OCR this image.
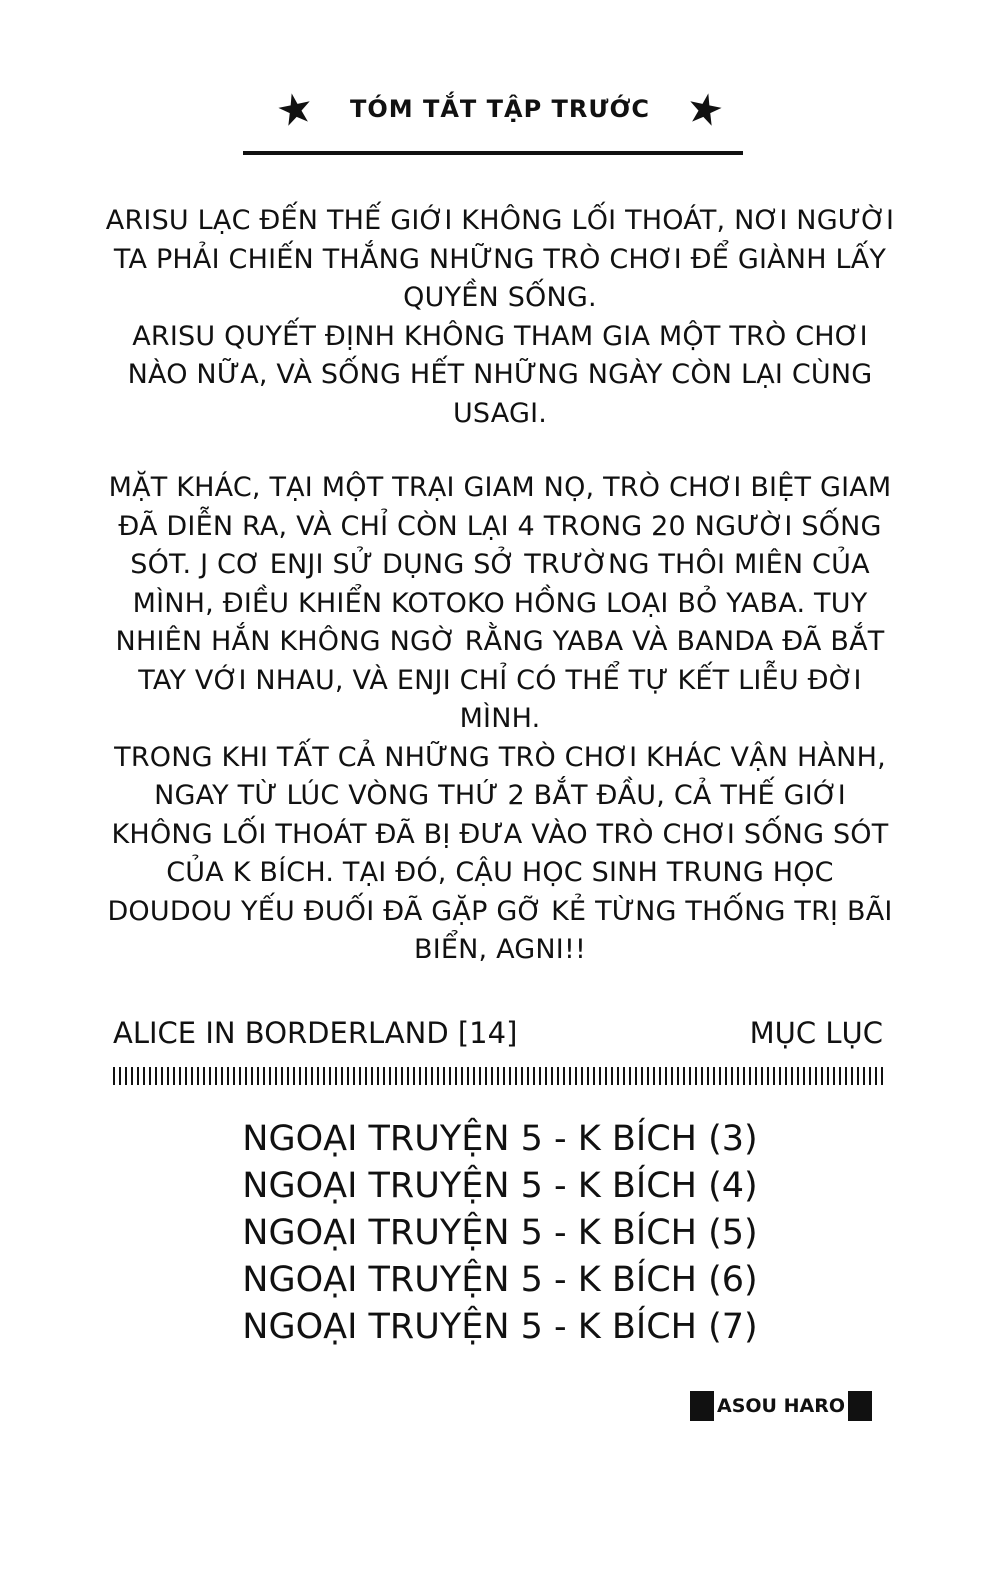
TÓM TẮT TẬP TRƯỚC

ARISU LẠC ĐẾN THẾ GIỚI KHÔNG LỐI THOÁT, NƠI NGƯỜI

TA PHẢI CHIẾN THẮNG NHỮNG TRÒ CHƠI ĐỂ GIÀNH LẤY

QUYỀN SỐNG.

ARISU QUYẾT ĐỊNH KHÔNG THAM GIA MỘT TRÒ CHƠI

NÀO NỮA, VÀ SỐNG HẾT NHỮNG NGÀY CÒN LẠI CÙNG

USAGI.

MẶT KHÁC, TẠI MỘT TRẠI GIAM NỌ, TRÒ CHƠI BIỆT GIAM

ĐÃ DIỄN RA, VÀ CHỈ CÒN LẠI 4 TRONG 20 NGƯỜI SỐNG

SÓT. J CƠ ENJI SỬ DỤNG SỞ TRƯỜNG THÔI MIÊN CỦA

MÌNH, ĐIỀU KHIỂN KOTOKO HỒNG LOẠI BỎ YABA. TUY

NHIÊN HẮN KHÔNG NGỜ RẰNG YABA VÀ BANDA ĐÃ BẮT

TAY VỚI NHAU, VÀ ENJI CHỈ CÓ THỂ TỰ KẾT LIỄU ĐỜI

MÌNH.

TRONG KHI TẤT CẢ NHỮNG TRÒ CHƠI KHÁC VẬN HÀNH,

NGAY TỪ LÚC VÒNG THỨ 2 BẮT ĐẦU, CẢ THẾ GIỚI

KHÔNG LỐI THOÁT ĐÃ BỊ ĐƯA VÀO TRÒ CHƠI SỐNG SÓT

CỦA K BÍCH. TẠI ĐÓ, CẬU HỌC SINH TRUNG HỌC

DOUDOU YẾU ĐUỐI ĐÃ GẶP GỠ KẺ TỪNG THỐNG TRỊ BÃI

BIỂN, AGNI!!

ALICE IN BORDERLAND [14]	MỤC LỤC
NGOẠI TRUYỆN 5 - K BÍCH (3)
NGOẠI TRUYỆN 5 - K BÍCH (4)
NGOẠI TRUYỆN 5 - K BÍCH (5)
NGOẠI TRUYỆN 5 - K BÍCH (6)
NGOẠI TRUYỆN 5 - K BÍCH (7)
ASOU HARO
